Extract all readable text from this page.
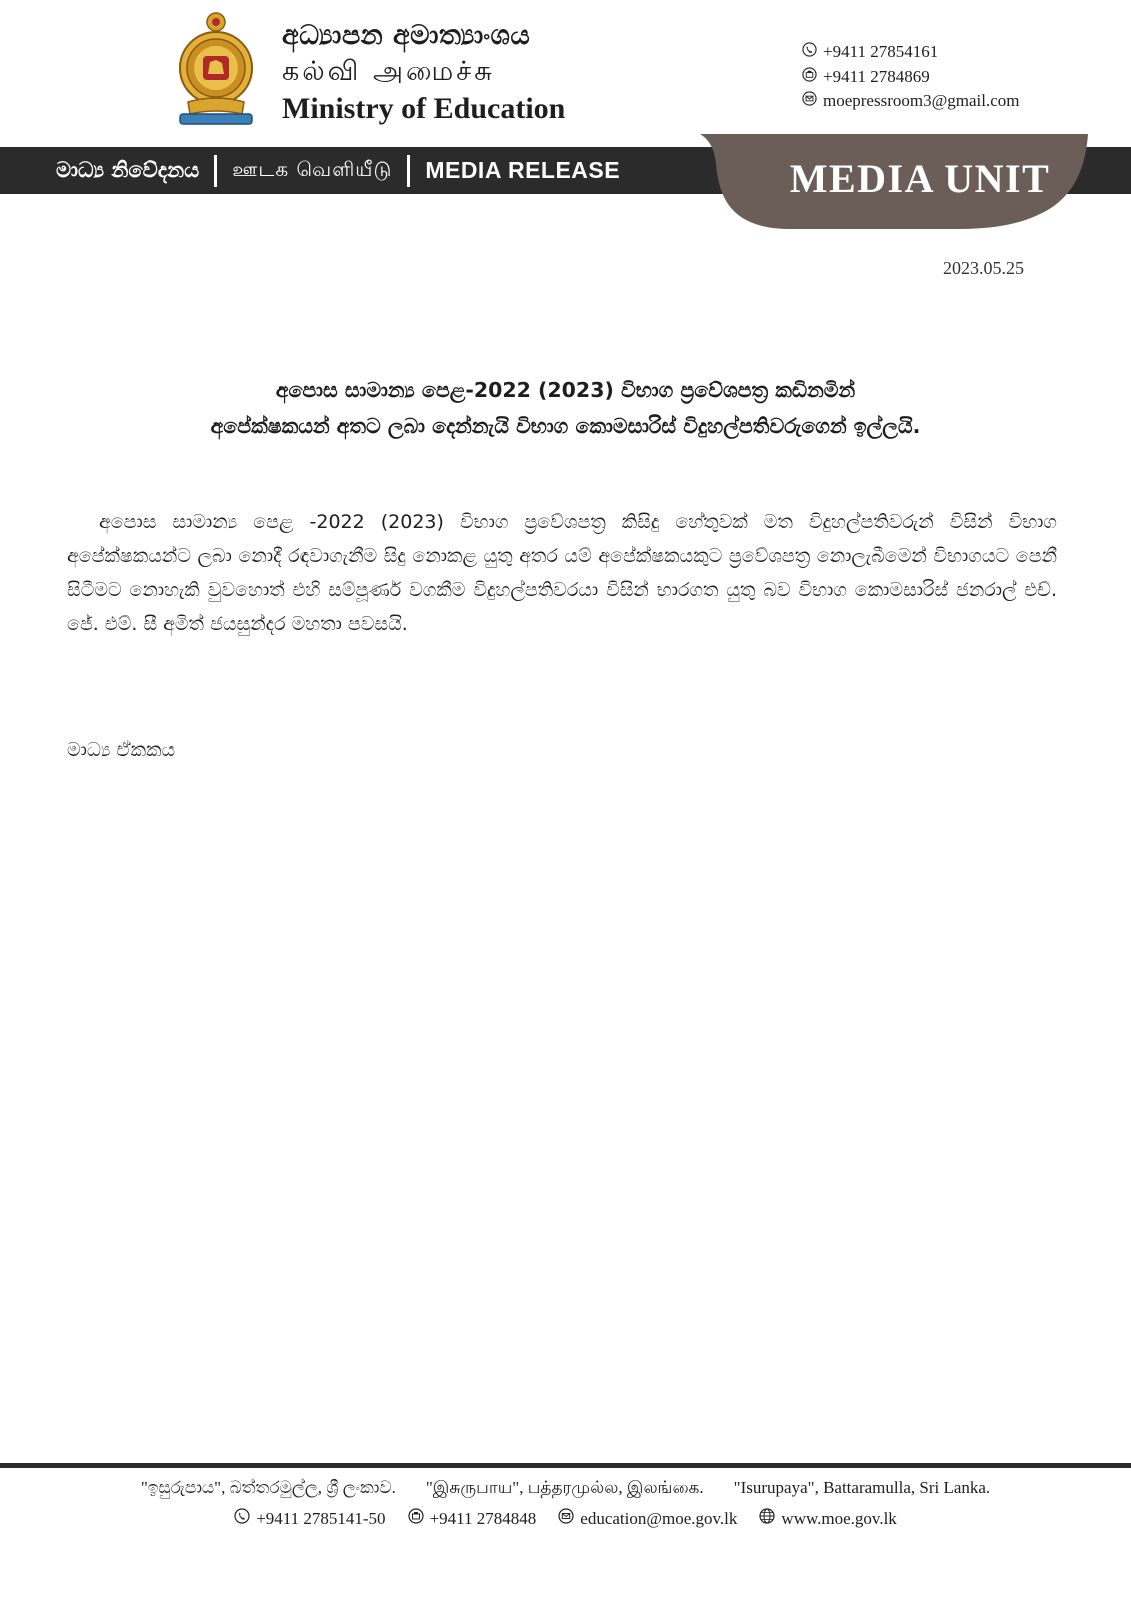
අධ්‍යාපන අමාත්‍යාංශය
கல்வி அமைச்சு
Ministry of Education
+9411 27854161
+9411 2784869
moepressroom3@gmail.com
මාධ්‍ය නිවේදනය ஊடக வெளியீடு MEDIA RELEASE	MEDIA UNIT
2023.05.25
අපොස සාමාන්‍ය පෙළ-2022 (2023) විභාග ප්‍රවේශපත්‍ර කඩිනමින්
අපේක්ෂකයන් අතට ලබා දෙන්නැයි විභාග කොමසාරිස් විදුහල්පතිවරුගෙන් ඉල්ලයි.
අපොස සාමාන්‍ය පෙළ -2022 (2023) විභාග ප්‍රවේශපත්‍ර කිසිදු හේතුවක් මත විදුහල්පතිවරුන් විසින් විභාග අපේක්ෂකයන්ට ලබා නොදී රඳවාගැනීම සිදු නොකළ යුතු අතර යම් අපේක්ෂකයකුට ප්‍රවේශපත්‍ර නොලැබීමෙන් විභාගයට පෙනී සිටීමට නොහැකි වුවහොත් එහි සම්පූර්ණ වගකීම විදුහල්පතිවරයා විසින් භාරගත යුතු බව විභාග කොමසාරිස් ජනරාල් එච්. ජේ. එම්. සී අමිත් ජයසුන්දර මහතා පවසයි.
මාධ්‍ය ඒකකය
"ඉසුරුපාය", බත්තරමුල්ල, ශ්‍රී ලංකාව. "இசுருபாய", பத்தரமுல்ல, இலங்கை. "Isurupaya", Battaramulla, Sri Lanka.
+9411 2785141-50	+9411 2784848	education@moe.gov.lk	www.moe.gov.lk
